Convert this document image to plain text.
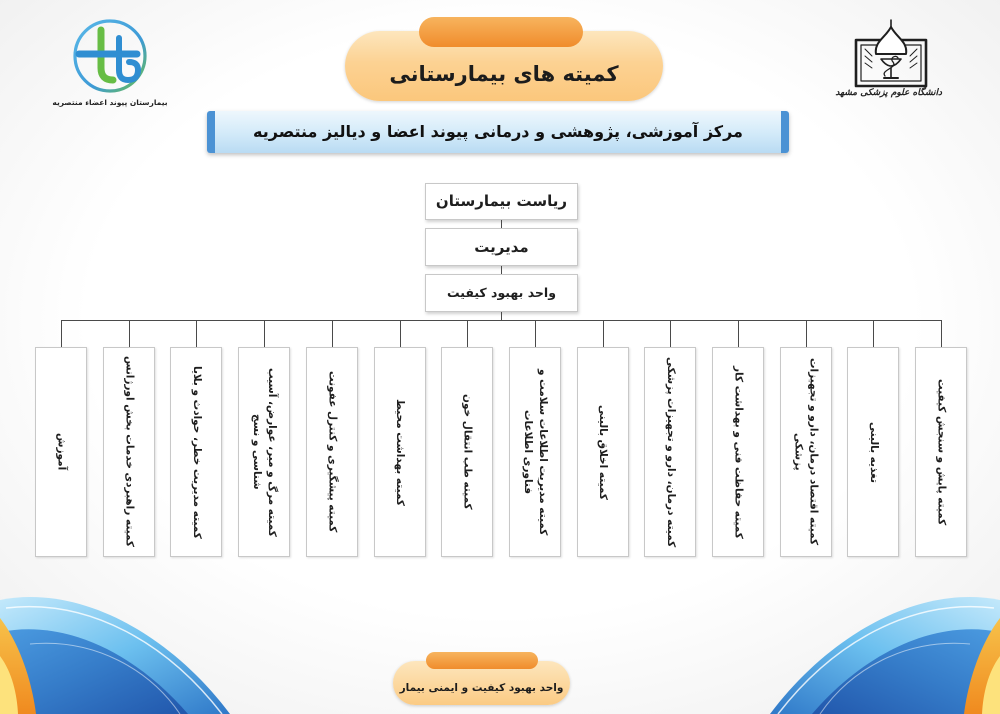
بیمارستان پیوند اعضاء منتصریه
دانشگاه علوم پزشکی مشهد
کمیته های بیمارستانی
مرکز آموزشی، پژوهشی و درمانی پیوند اعضا و دیالیز منتصریه
ریاست بیمارستان
مدیریت
واحد بهبود کیفیت
کمیته پایش و سنجش کیفیت
تغذیه بالینی
کمیته اقتصاد درمان، دارو و تجهیزات پزشکی
کمیته حفاظت فنی و بهداشت کار
کمیته درمان، دارو و تجهیزات پزشکی
کمیته اخلاق بالینی
کمیته مدیریت اطلاعات سلامت و فناوری اطلاعات
کمیته طب انتقال خون
کمیته بهداشت محیط
کمیته پیشگیری و کنترل عفونت
کمیته مرگ و میر، عوارض، آسیب شناسی و نسج
کمیته مدیریت خطر، حوادث و بلایا
کمیته راهبردی خدمات بخش اورژانس
آموزش
واحد بهبود کیفیت و ایمنی بیمار
